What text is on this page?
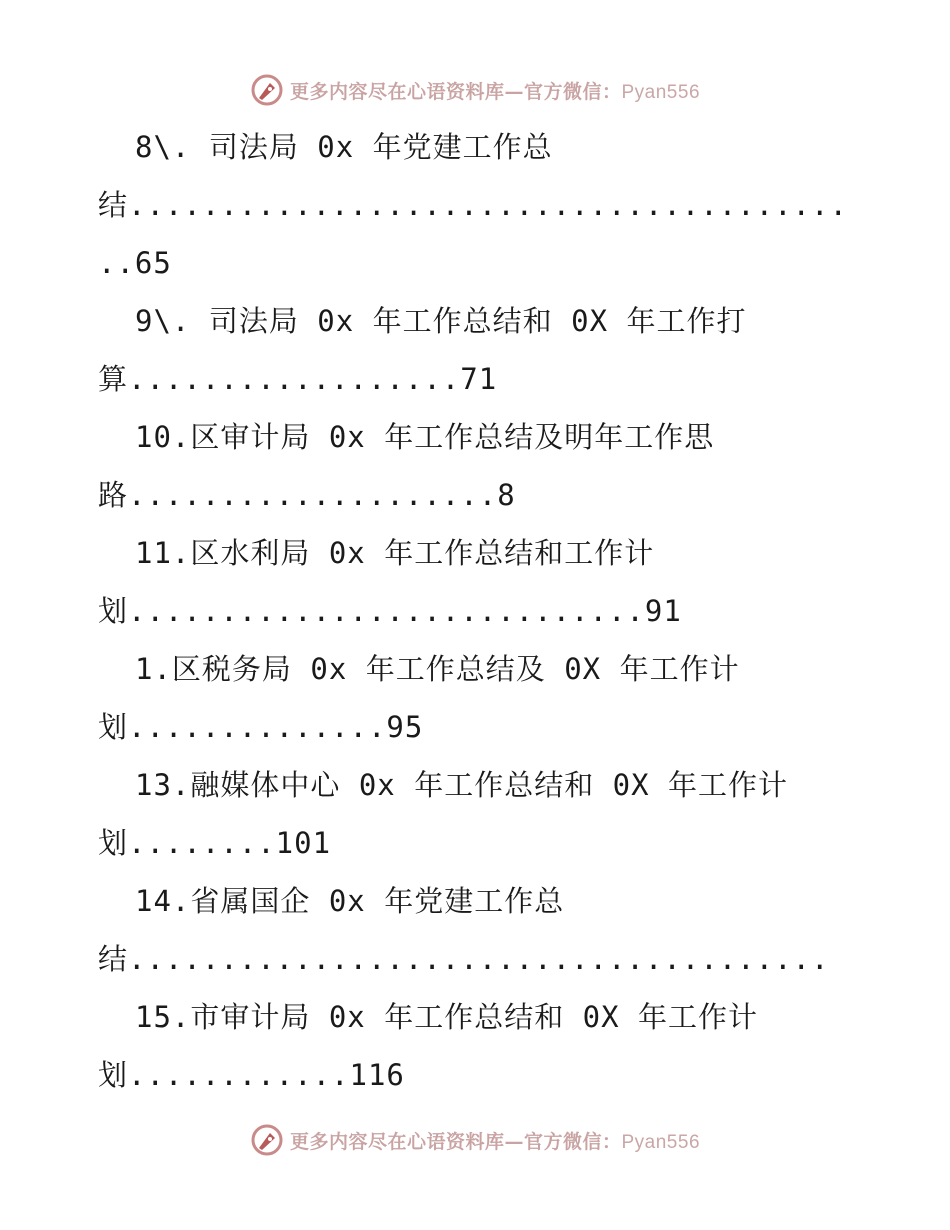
更多内容尽在心语资料库—官方微信：Pyan556
8\. 司法局 0x 年党建工作总
结.......................................
..65
9\. 司法局 0x 年工作总结和 0X 年工作打
算..................71
10.区审计局 0x 年工作总结及明年工作思
路....................8
11.区水利局 0x 年工作总结和工作计
划............................91
1.区税务局 0x 年工作总结及 0X 年工作计
划..............95
13.融媒体中心 0x 年工作总结和 0X 年工作计
划........101
14.省属国企 0x 年党建工作总
结......................................
15.市审计局 0x 年工作总结和 0X 年工作计
划............116
更多内容尽在心语资料库—官方微信：Pyan556
